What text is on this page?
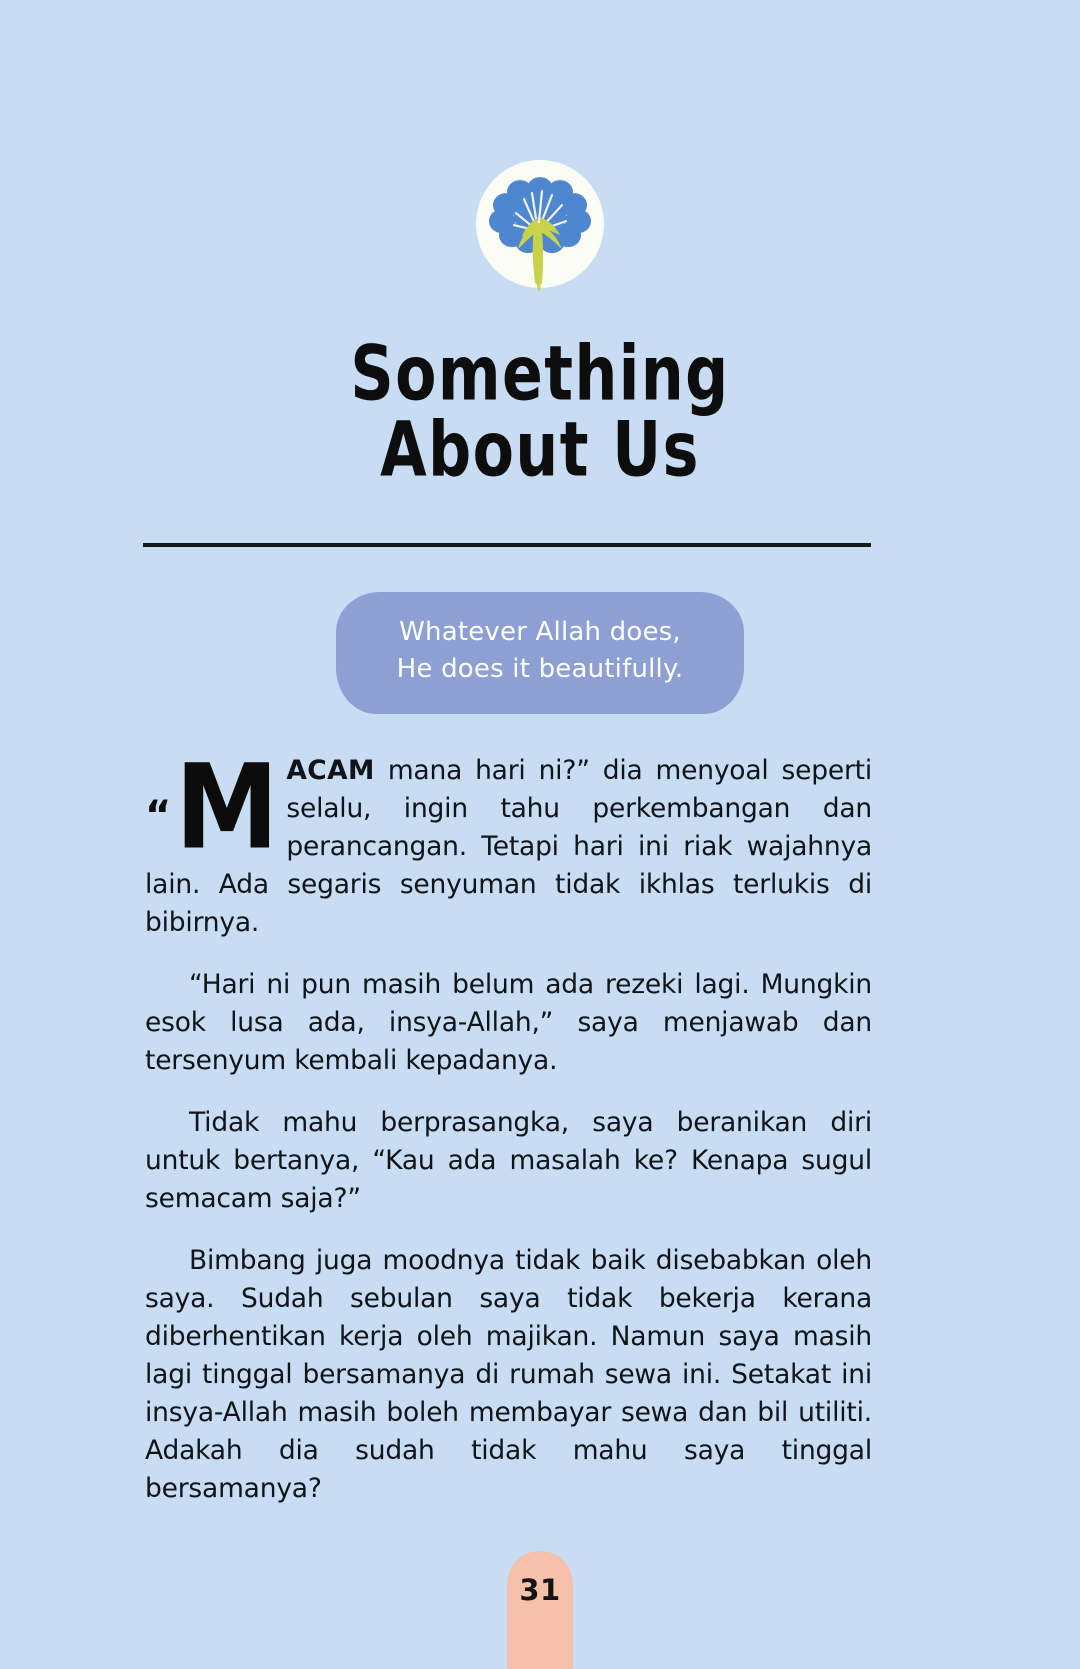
Something
About Us
Whatever Allah does,
He does it beautifully.

“ M ACAM mana hari ni?” dia menyoal seperti selalu, ingin tahu perkembangan dan perancangan. Tetapi hari ini riak wajahnya lain. Ada segaris senyuman tidak ikhlas terlukis di bibirnya.

“Hari ni pun masih belum ada rezeki lagi. Mungkin esok lusa ada, insya-Allah,” saya menjawab dan tersenyum kembali kepadanya.

Tidak mahu berprasangka, saya beranikan diri untuk bertanya, “Kau ada masalah ke? Kenapa sugul semacam saja?”

Bimbang juga moodnya tidak baik disebabkan oleh saya. Sudah sebulan saya tidak bekerja kerana diberhentikan kerja oleh majikan. Namun saya masih lagi tinggal bersamanya di rumah sewa ini. Setakat ini insya-Allah masih boleh membayar sewa dan bil utiliti. Adakah dia sudah tidak mahu saya tinggal bersamanya?

31
